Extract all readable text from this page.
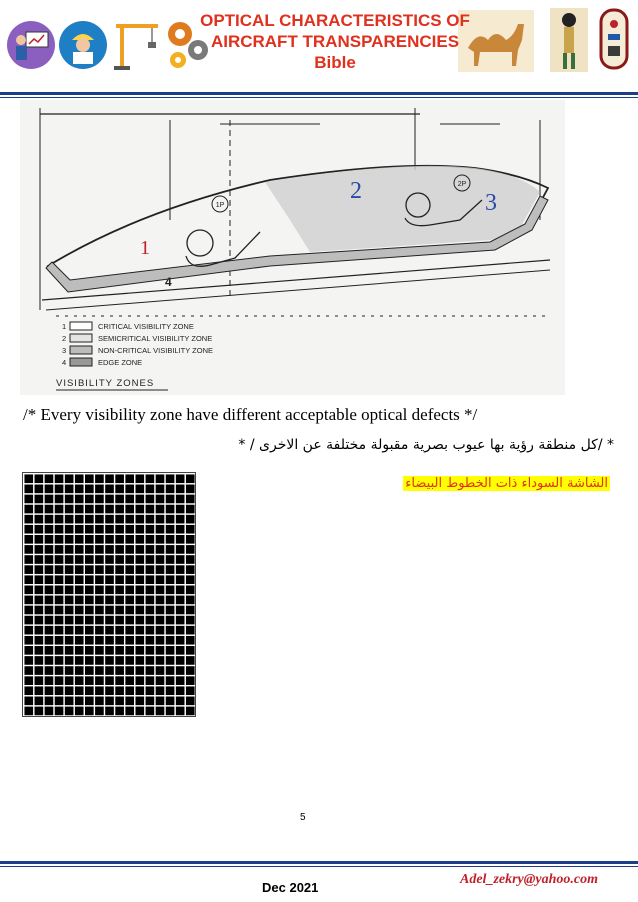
OPTICAL CHARACTERISTICS OF
AIRCRAFT TRANSPARENCIES
Bible
1P
2P
1
2	3
4
1	CRITICAL VISIBILITY ZONE
2	SEMICRITICAL VISIBILITY ZONE
3	NON-CRITICAL VISIBILITY ZONE
4	EDGE ZONE
VISIBILITY ZONES
/* Every visibility zone have different acceptable optical defects */
* /كل منطقة رؤية بها عيوب بصرية مقبولة مختلفة عن الاخرى / *
الشاشة السوداء ذات الخطوط البيضاء
5
Dec 2021
Adel_zekry@yahoo.com
